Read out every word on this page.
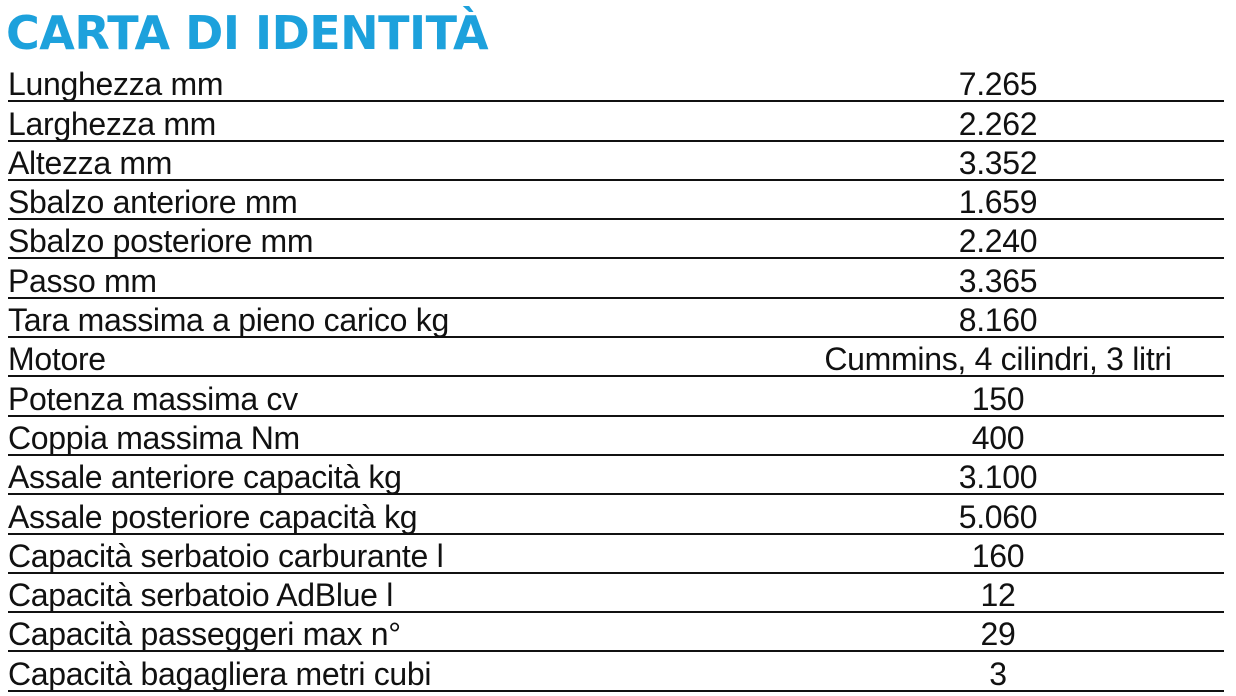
CARTA DI IDENTITÀ
Lunghezza mm	7.265
Larghezza mm	2.262
Altezza mm	3.352
Sbalzo anteriore mm	1.659
Sbalzo posteriore mm	2.240
Passo mm	3.365
Tara massima a pieno carico kg	8.160
Motore	Cummins, 4 cilindri, 3 litri
Potenza massima cv	150
Coppia massima Nm	400
Assale anteriore capacità kg	3.100
Assale posteriore capacità kg	5.060
Capacità serbatoio carburante l	160
Capacità serbatoio AdBlue l	12
Capacità passeggeri max n°	29
Capacità bagagliera metri cubi	3
